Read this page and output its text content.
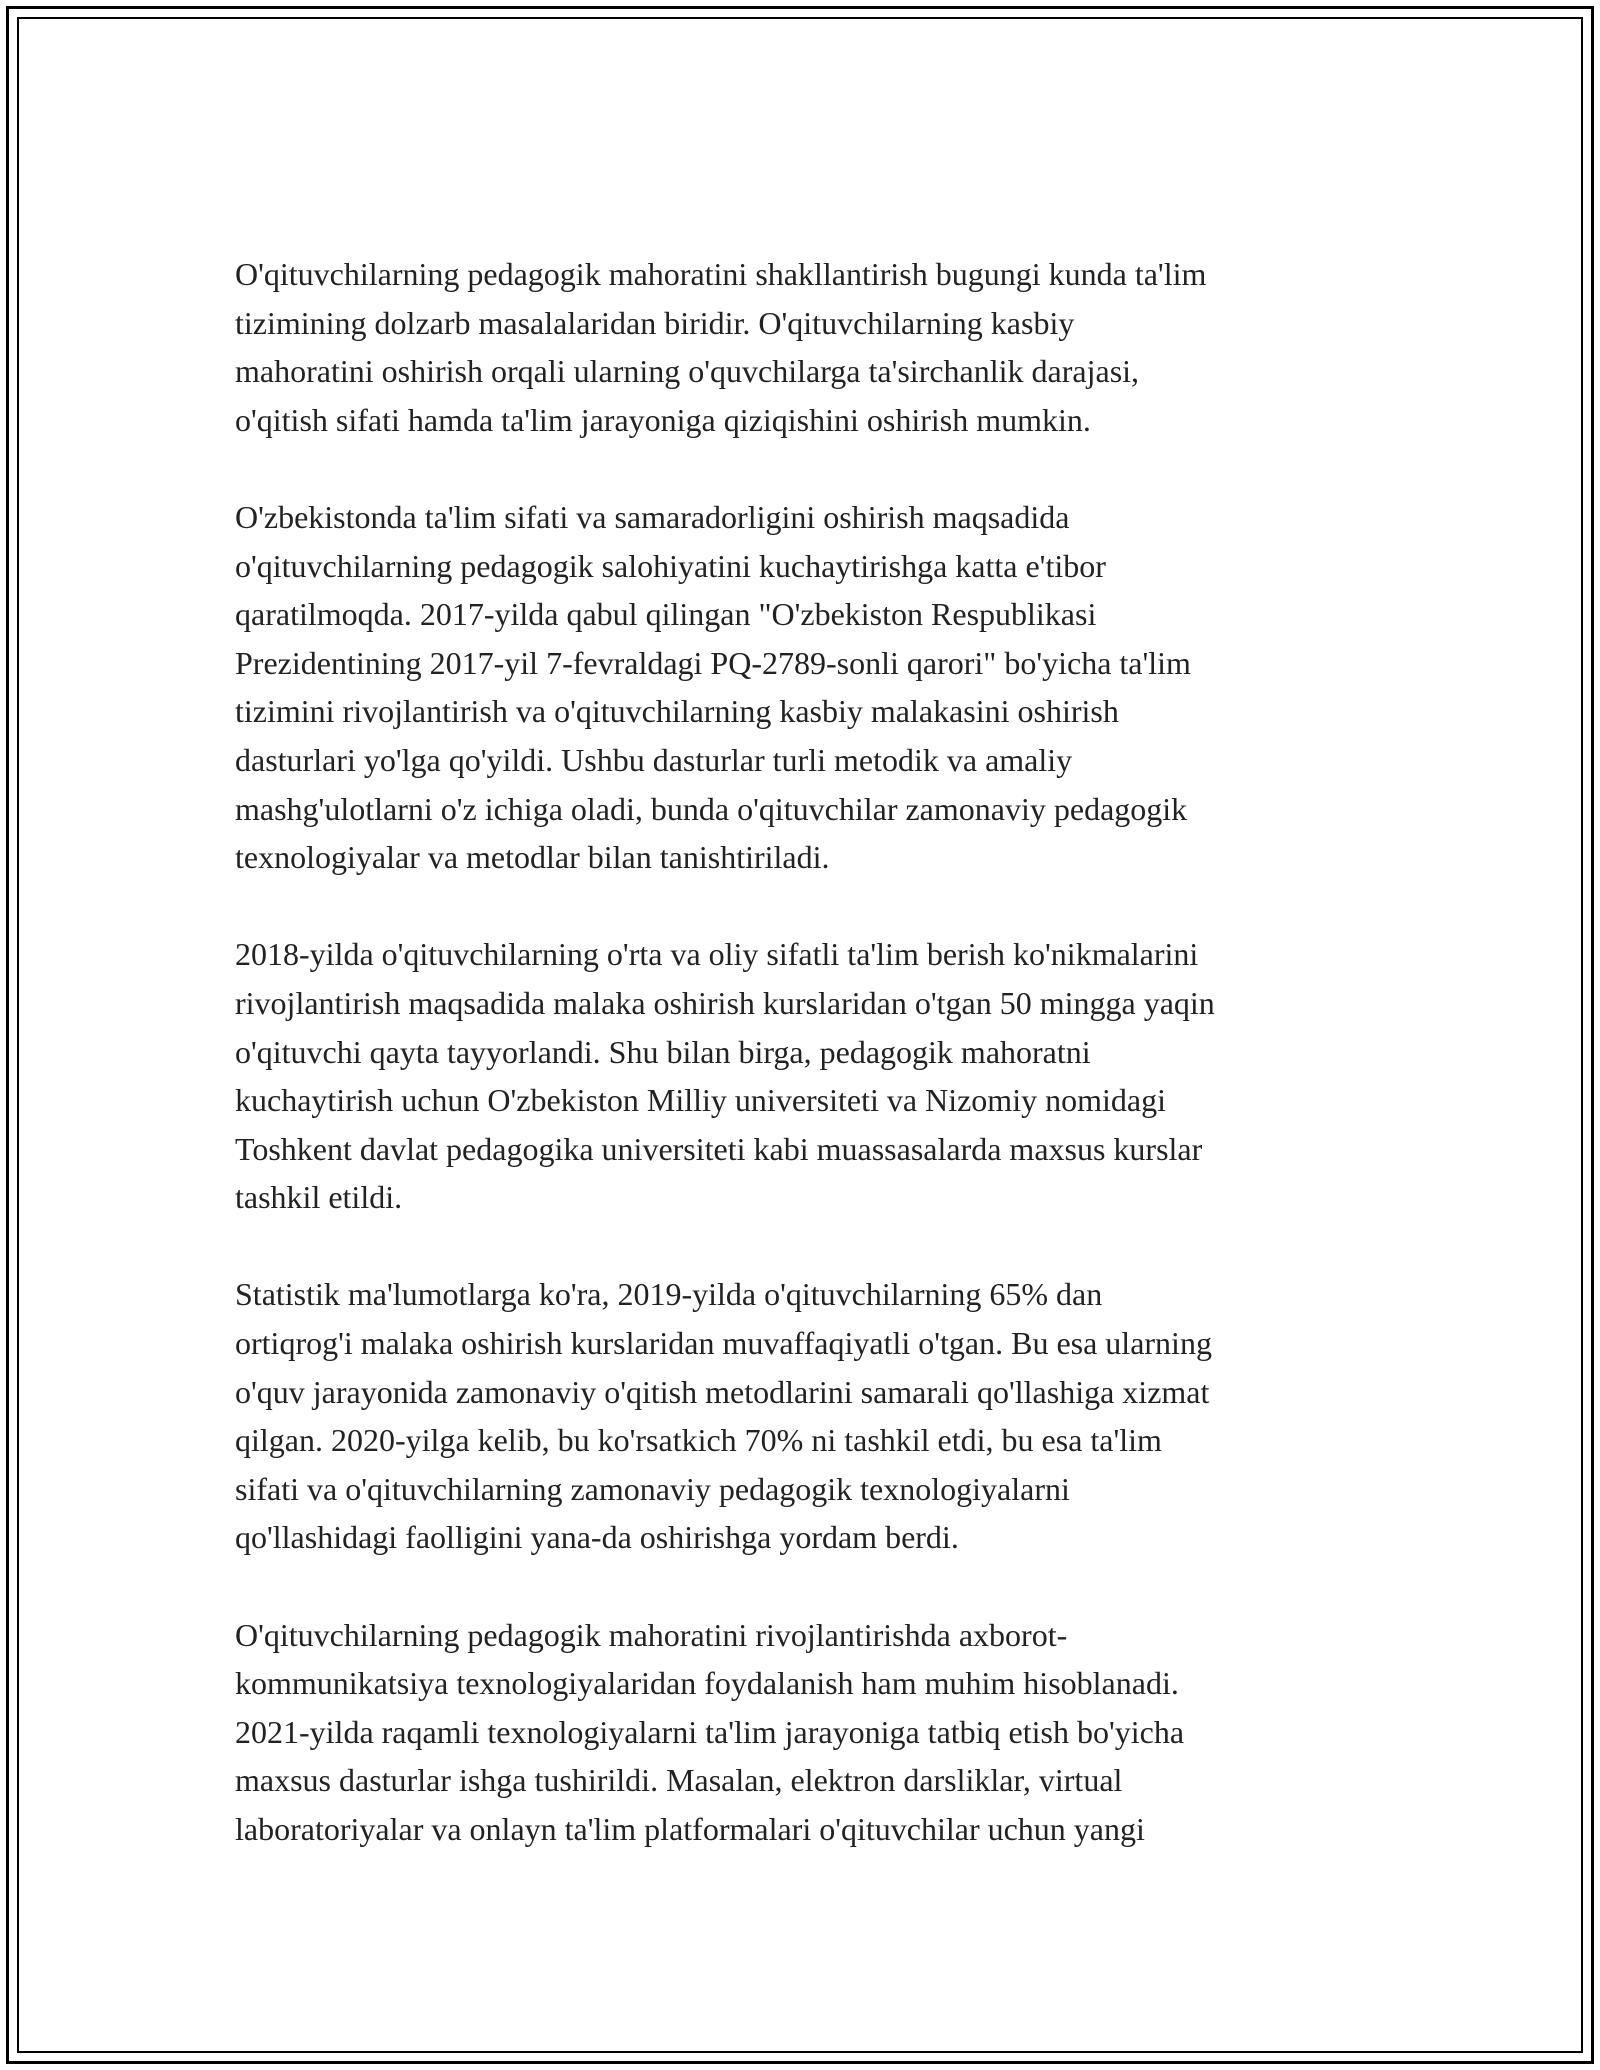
O'qituvchilarning pedagogik mahoratini shakllantirish bugungi kunda ta'lim
tizimining dolzarb masalalaridan biridir. O'qituvchilarning kasbiy
mahoratini oshirish orqali ularning o'quvchilarga ta'sirchanlik darajasi,
o'qitish sifati hamda ta'lim jarayoniga qiziqishini oshirish mumkin.

O'zbekistonda ta'lim sifati va samaradorligini oshirish maqsadida
o'qituvchilarning pedagogik salohiyatini kuchaytirishga katta e'tibor
qaratilmoqda. 2017-yilda qabul qilingan "O'zbekiston Respublikasi
Prezidentining 2017-yil 7-fevraldagi PQ-2789-sonli qarori" bo'yicha ta'lim
tizimini rivojlantirish va o'qituvchilarning kasbiy malakasini oshirish
dasturlari yo'lga qo'yildi. Ushbu dasturlar turli metodik va amaliy
mashg'ulotlarni o'z ichiga oladi, bunda o'qituvchilar zamonaviy pedagogik
texnologiyalar va metodlar bilan tanishtiriladi.

2018-yilda o'qituvchilarning o'rta va oliy sifatli ta'lim berish ko'nikmalarini
rivojlantirish maqsadida malaka oshirish kurslaridan o'tgan 50 mingga yaqin
o'qituvchi qayta tayyorlandi. Shu bilan birga, pedagogik mahoratni
kuchaytirish uchun O'zbekiston Milliy universiteti va Nizomiy nomidagi
Toshkent davlat pedagogika universiteti kabi muassasalarda maxsus kurslar
tashkil etildi.

Statistik ma'lumotlarga ko'ra, 2019-yilda o'qituvchilarning 65% dan
ortiqrog'i malaka oshirish kurslaridan muvaffaqiyatli o'tgan. Bu esa ularning
o'quv jarayonida zamonaviy o'qitish metodlarini samarali qo'llashiga xizmat
qilgan. 2020-yilga kelib, bu ko'rsatkich 70% ni tashkil etdi, bu esa ta'lim
sifati va o'qituvchilarning zamonaviy pedagogik texnologiyalarni
qo'llashidagi faolligini yana-da oshirishga yordam berdi.

O'qituvchilarning pedagogik mahoratini rivojlantirishda axborot-
kommunikatsiya texnologiyalaridan foydalanish ham muhim hisoblanadi.
2021-yilda raqamli texnologiyalarni ta'lim jarayoniga tatbiq etish bo'yicha
maxsus dasturlar ishga tushirildi. Masalan, elektron darsliklar, virtual
laboratoriyalar va onlayn ta'lim platformalari o'qituvchilar uchun yangi
